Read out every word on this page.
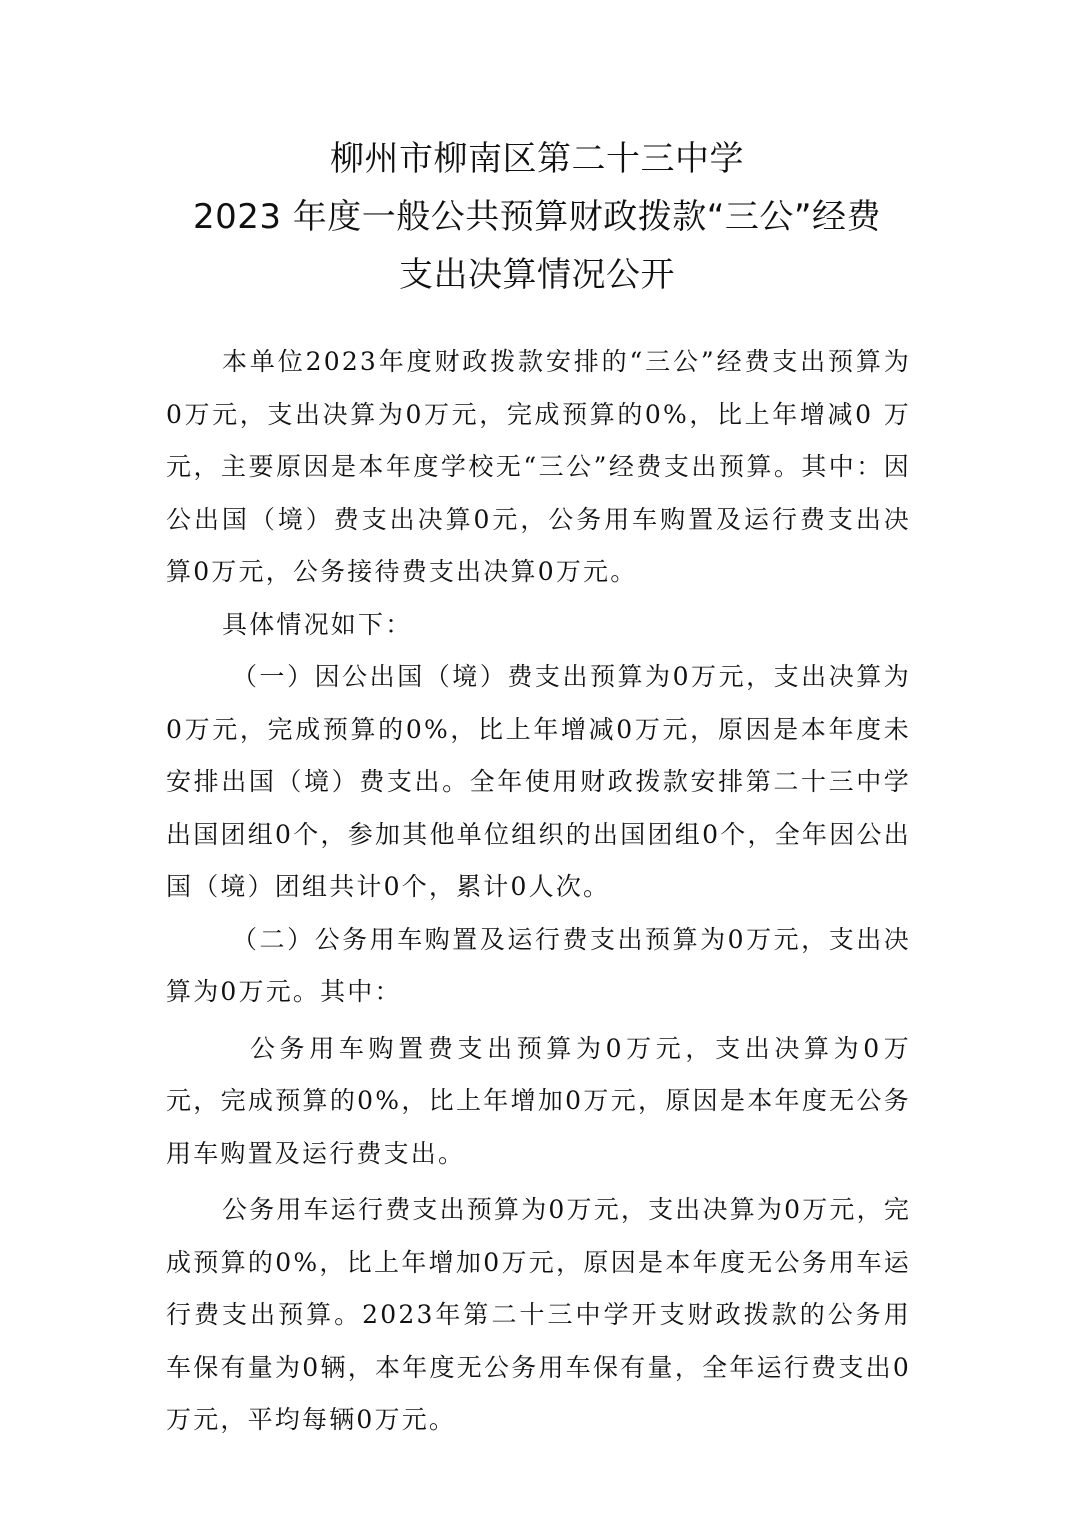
柳州市柳南区第二十三中学
2023 年度一般公共预算财政拨款“三公”经费
支出决算情况公开

本单位2023年度财政拨款安排的“三公”经费支出预算为0万元，支出决算为0万元，完成预算的0%，比上年增减0 万元，主要原因是本年度学校无“三公”经费支出预算。其中：因公出国（境）费支出决算0元，公务用车购置及运行费支出决算0万元，公务接待费支出决算0万元。

具体情况如下：

（一）因公出国（境）费支出预算为0万元，支出决算为0万元，完成预算的0%，比上年增减0万元，原因是本年度未安排出国（境）费支出。全年使用财政拨款安排第二十三中学出国团组0个，参加其他单位组织的出国团组0个，全年因公出国（境）团组共计0个，累计0人次。

（二）公务用车购置及运行费支出预算为0万元，支出决算为0万元。其中：

公务用车购置费支出预算为0万元，支出决算为0万元，完成预算的0%，比上年增加0万元，原因是本年度无公务用车购置及运行费支出。

公务用车运行费支出预算为0万元，支出决算为0万元，完成预算的0%，比上年增加0万元，原因是本年度无公务用车运行费支出预算。2023年第二十三中学开支财政拨款的公务用车保有量为0辆，本年度无公务用车保有量，全年运行费支出0万元，平均每辆0万元。
